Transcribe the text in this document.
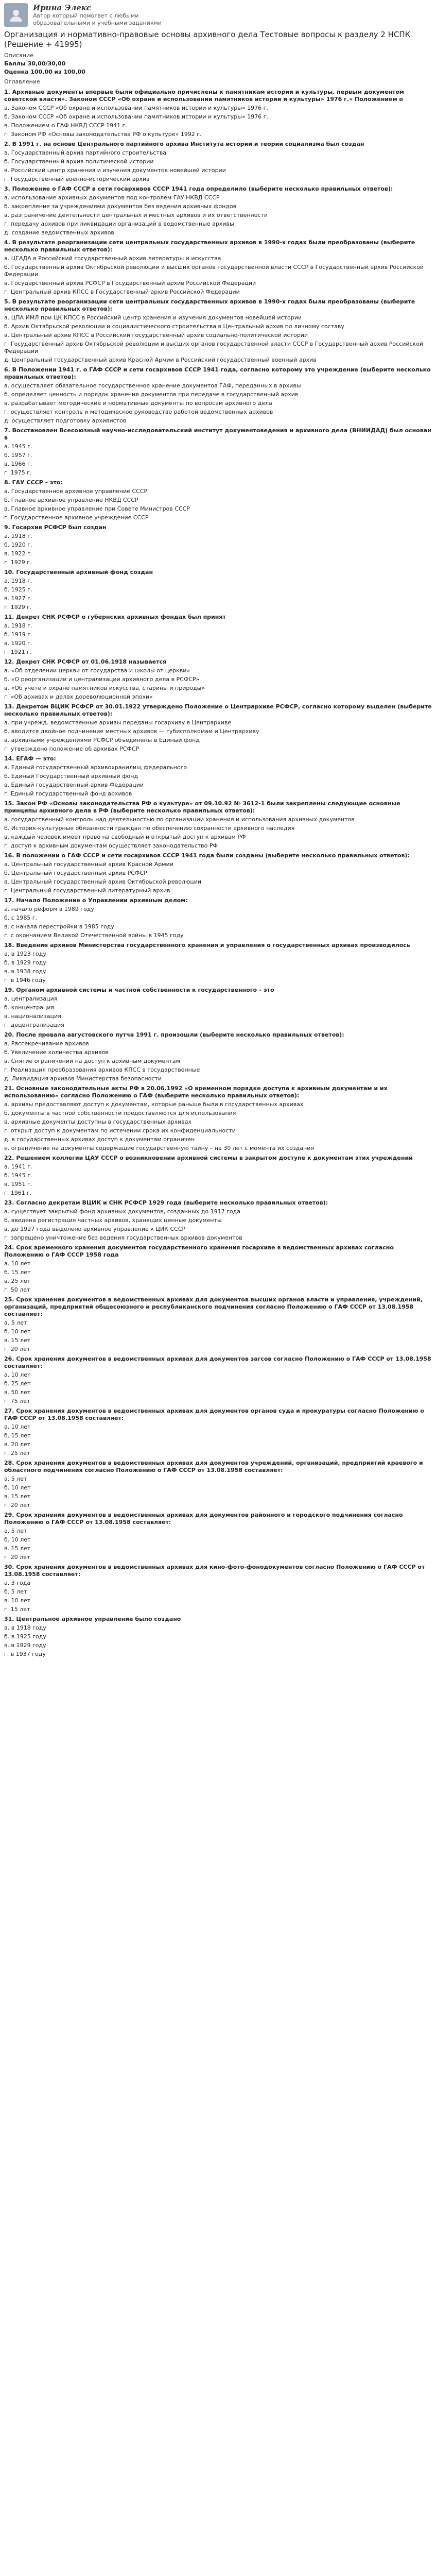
Ирина Элекс
Автор который помогает с любыми образовательными и учебными заданиями
Организация и нормативно-правовые основы архивного дела Тестовые вопросы к разделу 2 НСПК (Решение + 41995)
Описание
Баллы 30,00/30,00
Оценка 100,00 из 100,00
Оглавление
1. Архивные документы впервые были официально причислены к памятникам истории и культуры. первым документом советской власти». Законом СССР «Об охране и использовании памятников истории и культуры» 1976 г.» Положением о
а. Законом СССР «Об охране и использовании памятников истории и культуры» 1976 г.
б. Законом СССР «Об охране и использовании памятников истории и культуры» 1976 г.
в. Положением о ГАФ НКВД СССР 1941 г.
г. Законом РФ «Основы законодательства РФ о культуре» 1992 г.
2. В 1991 г. на основе Центрального партийного архива Института истории и теории социализма был создан
а. Государственный архив партийного строительства
б. Государственный архив политической истории
в. Российский центр хранения и изучения документов новейшей истории
г. Государственный военно-исторический архив
3. Положение о ГАФ СССР в сети госархивов СССР 1941 года определило (выберите несколько правильных ответов):
а. использование архивных документов под контролем ГАУ НКВД СССР
б. закрепление за учреждениями документов без ведения архивных фондов
в. разграничение деятельности центральных и местных архивов и их ответственности
г. передачу архивов при ликвидации организаций в ведомственные архивы
д. создание ведомственных архивов
4. В результате реорганизации сети центральных государственных архивов в 1990-х годах были преобразованы (выберите несколько правильных ответов):
а. ЦГАДА в Российский государственный архив литературы и искусства
б. Государственный архив Октябрьской революции и высших органов государственной власти СССР в Государственный архив Российской Федерации
в. Государственный архив РСФСР в Государственный архив Российской Федерации
г. Центральный архив КПСС в Государственный архив Российской Федерации
5. В результате реорганизации сети центральных государственных архивов в 1990-х годах были преобразованы (выберите несколько правильных ответов):
а. ЦПА ИМЛ при ЦК КПСС в Российский центр хранения и изучения документов новейшей истории
б. Архив Октябрьской революции и социалистического строительства в Центральный архив по личному составу
в. Центральный архив КПСС в Российский государственный архив социально-политической истории
г. Государственный архив Октябрьской революции и высших органов государственной власти СССР в Государственный архив Российской Федерации
д. Центральный государственный архив Красной Армии в Российский государственный военный архив
6. В Положении 1941 г. о ГАФ СССР и сети госархивов СССР 1941 года, согласно которому это учреждение (выберите несколько правильных ответов):
а. осуществляет обязательное государственное хранение документов ГАФ, переданных в архивы
б. определяет ценность и порядок хранения документов при передаче в государственный архив
в. разрабатывает методические и нормативные документы по вопросам архивного дела
г. осуществляет контроль и методическое руководство работой ведомственных архивов
д. осуществляет подготовку архивистов
7. Восстановлен Всесоюзный научно-исследовательский институт документоведения и архивного дела (ВНИИДАД) был основан в
а. 1945 г.
б. 1957 г.
в. 1966 г.
г. 1975 г.
8. ГАУ СССР – это:
а. Государственное архивное управление СССР
б. Главное архивное управление НКВД СССР
в. Главное архивное управление при Совете Министров СССР
г. Государственное архивное учреждение СССР
9. Госархив РСФСР был создан
а. 1918 г.
б. 1920 г.
в. 1922 г.
г. 1929 г.
10. Государственный архивный фонд создан
а. 1918 г.
б. 1925 г.
в. 1927 г.
г. 1929 г.
11. Декрет СНК РСФСР о губернских архивных фондах был принят
а. 1918 г.
б. 1919 г.
в. 1920 г.
г. 1921 г.
12. Декрет СНК РСФСР от 01.06.1918 называется
а. «Об отделении церкви от государства и школы от церкви»
б. «О реорганизации и централизации архивного дела в РСФСР»
в. «Об учете и охране памятников искусства, старины и природы»
г. «Об архивах и делах дореволюционной эпохи»
13. Декретом ВЦИК РСФСР от 30.01.1922 утверждено Положение о Центрархиве РСФСР, согласно которому выделен (выберите несколько правильных ответов):
а. при учрежд. ведомственные архивы переданы госархиву в Центрархиве
б. вводится двойное подчинение местных архивов — губисполкомам и Центрархиву
в. архивными учреждениями РСФСР объединены в Единый фонд
г. утверждено положение об архивах РСФСР
14. ЕГАФ — это:
а. Единый государственный архивохранилищ федерального
б. Единый Государственный архивный фонд
в. Единый государственный архив Федерации
г. Единый государственный фонд архивов
15. Закон РФ «Основы законодательства РФ о культуре» от 09.10.92 № 3612-1 были закреплены следующие основные принципы архивного дела в РФ (выберите несколько правильных ответов):
а. государственный контроль над деятельностью по организации хранения и использования архивных документов
б. Историк-культурные обязанности граждан по обеспечению сохранности архивного наследия
в. каждый человек имеет право на свободный и открытый доступ к архивам РФ
г. доступ к архивным документам осуществляет законодательство РФ
16. В положении о ГАФ СССР и сети госархивов СССР 1941 года были созданы (выберите несколько правильных ответов):
а. Центральный государственный архив Красной Армии
б. Центральный государственный архив РСФСР
в. Центральный государственный архив Октябрьской революции
г. Центральный государственный литературный архив
17. Начало Положение о Управлении архивным делом:
а. начало реформ в 1989 году
б. с 1985 г.
в. с начала перестройки в 1985 году
г. с окончанием Великой Отечественной войны в 1945 году
18. Введение архивов Министерства государственного хранения и управления о государственных архивах производилось
а. в 1923 году
б. в 1929 году
в. в 1938 году
г. в 1946 году
19. Органом архивной системы и частной собственности к государственного – это
а. централизация
б. концентрация
в. национализация
г. децентрализация
20. После провала августовского путча 1991 г. произошли (выберите несколько правильных ответов):
а. Рассекречивание архивов
б. Увеличение количества архивов
в. Снятие ограничений на доступ к архивным документам
г. Реализация преобразования архивов КПСС в государственные
д. Ликвидация архивов Министерства безопасности
21. Основные законодательные акты РФ в 20.06.1992 «О временном порядке доступа к архивным документам и их использованию» согласно Положению о ГАФ (выберите несколько правильных ответов):
а. архивы предоставляют доступ к документам, которые раньше были в государственных архивах
б. документы в частной собственности предоставляются для использования
в. архивные документы доступны в государственных архивах
г. открыт доступ к документам по истечении срока их конфиденциальности
д. в государственных архивах доступ к документам ограничен
е. ограничение на документы содержащие государственную тайну – на 30 лет с момента их создания
22. Решением коллегии ЦАУ СССР о возникновении архивной системы в закрытом доступе к документам этих учреждений
а. 1941 г.
б. 1945 г.
в. 1951 г.
г. 1961 г.
23. Согласно декретам ВЦИК и СНК РСФСР 1929 года (выберите несколько правильных ответов):
а. существует закрытый фонд архивных документов, созданных до 1917 года
б. введена регистрация частных архивов, хранящих ценные документы
в. до 1927 года выделено архивное управление к ЦИК СССР
г. запрещено уничтожение без ведения государственных архивов документов
24. Срок временного хранения документов государственного хранения госархиве в ведомственных архивах согласно Положению о ГАФ СССР 1958 года
а. 10 лет
б. 15 лет
в. 25 лет
г. 50 лет
25. Срок хранения документов в ведомственных архивах для документов высших органов власти и управления, учреждений, организаций, предприятий общесоюзного и республиканского подчинения согласно Положению о ГАФ СССР от 13.08.1958 составляет:
а. 5 лет
б. 10 лет
в. 15 лет
г. 20 лет
26. Срок хранения документов в ведомственных архивах для документов загсов согласно Положению о ГАФ СССР от 13.08.1958 составляет:
а. 10 лет
б. 25 лет
в. 50 лет
г. 75 лет
27. Срок хранения документов в ведомственных архивах для документов органов суда и прокуратуры согласно Положению о ГАФ СССР от 13.08.1958 составляет:
а. 10 лет
б. 15 лет
в. 20 лет
г. 25 лет
28. Срок хранения документов в ведомственных архивах для документов учреждений, организаций, предприятий краевого и областного подчинения согласно Положению о ГАФ СССР от 13.08.1958 составляет:
а. 5 лет
б. 10 лет
в. 15 лет
г. 20 лет
29. Срок хранения документов в ведомственных архивах для документов районного и городского подчинения согласно Положению о ГАФ СССР от 13.08.1958 составляет:
а. 5 лет
б. 10 лет
в. 15 лет
г. 20 лет
30. Срок хранения документов в ведомственных архивах для кино-фото-фонодокументов согласно Положению о ГАФ СССР от 13.08.1958 составляет:
а. 3 года
б. 5 лет
в. 10 лет
г. 15 лет
31. Центральное архивное управление было создано
а. в 1918 году
б. в 1925 году
в. в 1929 году
г. в 1937 году
